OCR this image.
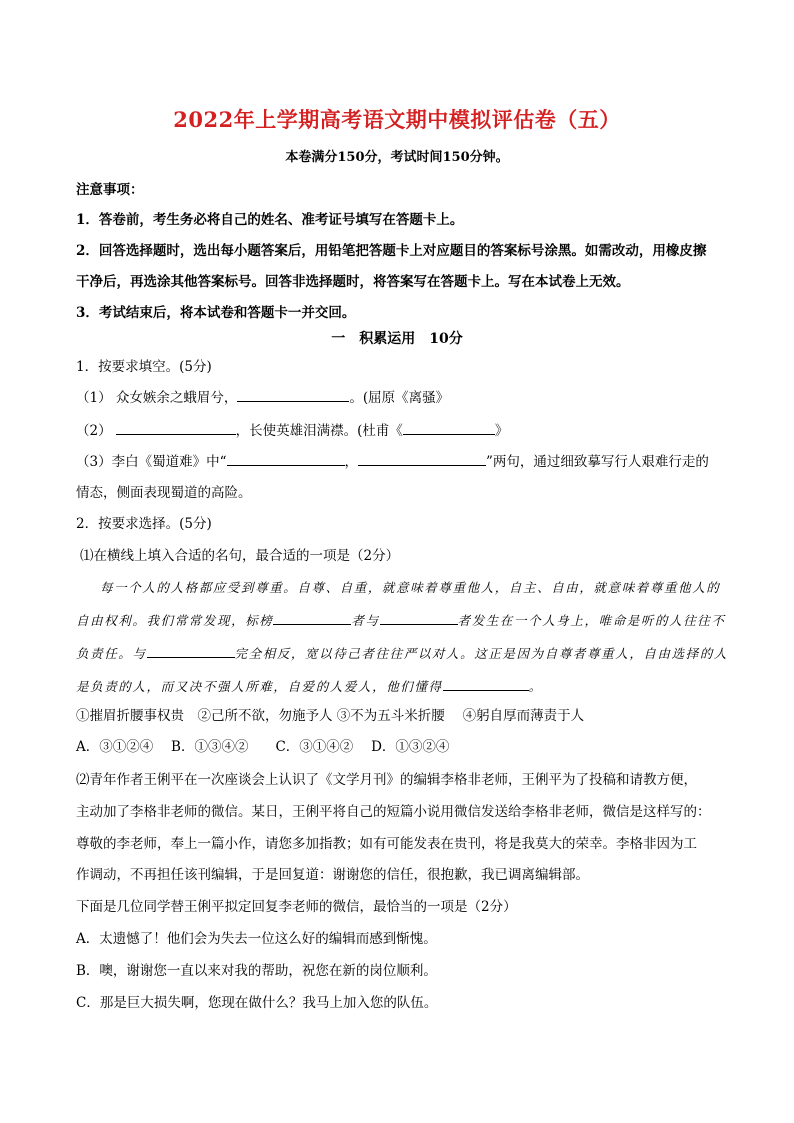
2022年上学期高考语文期中模拟评估卷（五）
本卷满分150分，考试时间150分钟。
注意事项：
1．答卷前，考生务必将自己的姓名、准考证号填写在答题卡上。
2．回答选择题时，选出每小题答案后，用铅笔把答题卡上对应题目的答案标号涂黑。如需改动，用橡皮擦
干净后，再选涂其他答案标号。回答非选择题时，将答案写在答题卡上。写在本试卷上无效。
3．考试结束后，将本试卷和答题卡一并交回。
一　积累运用　10分
1．按要求填空。(5分)
（1） 众女嫉余之蛾眉兮，	。(屈原《离骚》
（2）	，长使英雄泪满襟。(杜甫《	》
（3）李白《蜀道难》中“	，	”两句，通过细致摹写行人艰难行走的
情态，侧面表现蜀道的高险。
2．按要求选择。(5分)
⑴在横线上填入合适的名句，最合适的一项是（2分）
每一个人的人格都应受到尊重。自尊、自重，就意味着尊重他人，自主、自由，就意味着尊重他人的
自由权利。我们常常发现，标榜	者与	者发生在一个人身上，唯命是听的人往往不
负责任。与	完全相反，宽以待己者往往严以对人。这正是因为自尊者尊重人，自由选择的人
是负责的人，而又决不强人所难，自爱的人爱人，他们懂得	。
①摧眉折腰事权贵　②己所不欲，勿施予人 ③不为五斗米折腰　 ④躬自厚而薄责于人
A．③①②④　 B．①③④②　　C．③①④②　 D．①③②④
⑵青年作者王俐平在一次座谈会上认识了《文学月刊》的编辑李格非老师，王俐平为了投稿和请教方便，
主动加了李格非老师的微信。某日，王俐平将自己的短篇小说用微信发送给李格非老师，微信是这样写的：
尊敬的李老师，奉上一篇小作，请您多加指教；如有可能发表在贵刊，将是我莫大的荣幸。李格非因为工
作调动，不再担任该刊编辑，于是回复道：谢谢您的信任，很抱歉，我已调离编辑部。
下面是几位同学替王俐平拟定回复李老师的微信，最恰当的一项是（2分）
A．太遗憾了！他们会为失去一位这么好的编辑而感到惭愧。
B．噢，谢谢您一直以来对我的帮助，祝您在新的岗位顺利。
C．那是巨大损失啊，您现在做什么？我马上加入您的队伍。
